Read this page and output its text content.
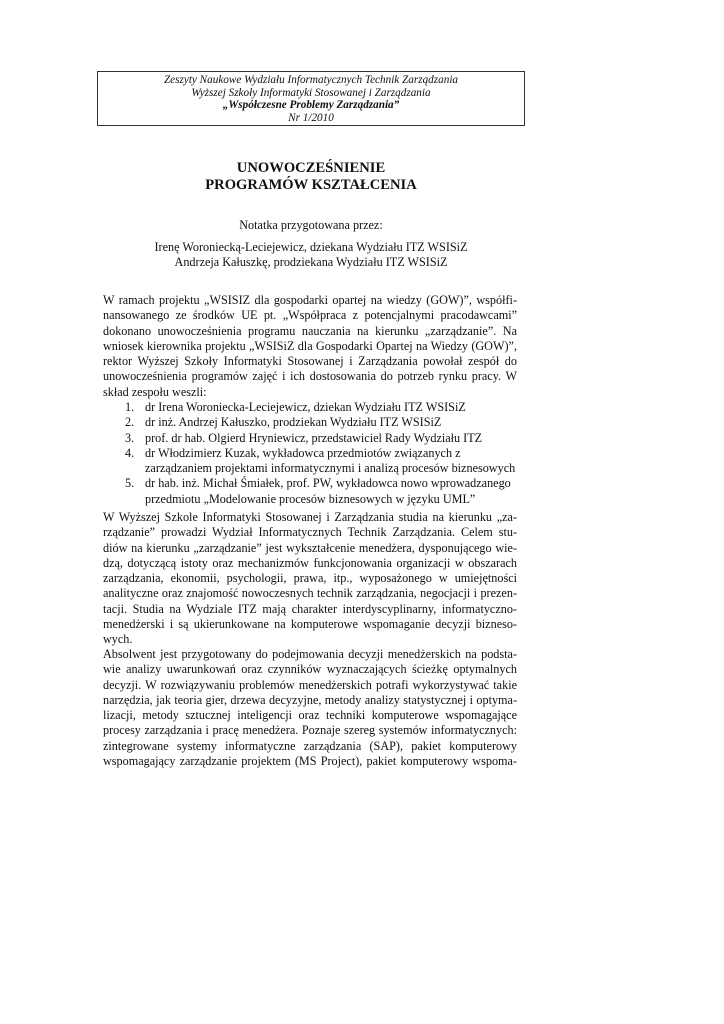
Zeszyty Naukowe Wydziału Informatycznych Technik Zarządzania
Wyższej Szkoły Informatyki Stosowanej i Zarządzania
„Współczesne Problemy Zarządzania”
Nr 1/2010
UNOWOCZEŚNIENIE
PROGRAMÓW KSZTAŁCENIA
Notatka przygotowana przez:
Irenę Woroniecką-Leciejewicz, dziekana Wydziału ITZ WSISiZ
Andrzeja Kałuszkę, prodziekana Wydziału ITZ WSISiZ
W ramach projektu „WSISIZ dla gospodarki opartej na wiedzy (GOW)”, współfi-
nansowanego ze środków UE pt. „Współpraca z potencjalnymi pracodawcami”
dokonano unowocześnienia programu nauczania na kierunku „zarządzanie”. Na
wniosek kierownika projektu „WSISiZ dla Gospodarki Opartej na Wiedzy (GOW)”,
rektor Wyższej Szkoły Informatyki Stosowanej i Zarządzania powołał zespół do
unowocześnienia programów zajęć i ich dostosowania do potrzeb rynku pracy. W
skład zespołu weszli:
1. dr Irena Woroniecka-Leciejewicz, dziekan Wydziału ITZ WSISiZ
2. dr inż. Andrzej Kałuszko, prodziekan Wydziału ITZ WSISiZ
3. prof. dr hab. Olgierd Hryniewicz, przedstawiciel Rady Wydziału ITZ
4. dr Włodzimierz Kuzak, wykładowca przedmiotów związanych z
zarządzaniem projektami informatycznymi i analizą procesów biznesowych
5. dr hab. inż. Michał Śmiałek, prof. PW, wykładowca nowo wprowadzanego
przedmiotu „Modelowanie procesów biznesowych w języku UML”
W Wyższej Szkole Informatyki Stosowanej i Zarządzania studia na kierunku „za-
rządzanie” prowadzi Wydział Informatycznych Technik Zarządzania. Celem stu-
diów na kierunku „zarządzanie” jest wykształcenie menedżera, dysponującego wie-
dzą, dotyczącą istoty oraz mechanizmów funkcjonowania organizacji w obszarach
zarządzania, ekonomii, psychologii, prawa, itp., wyposażonego w umiejętności
analityczne oraz znajomość nowoczesnych technik zarządzania, negocjacji i prezen-
tacji. Studia na Wydziale ITZ mają charakter interdyscyplinarny, informatyczno-
menedżerski i są ukierunkowane na komputerowe wspomaganie decyzji bizneso-
wych.
Absolwent jest przygotowany do podejmowania decyzji menedżerskich na podsta-
wie analizy uwarunkowań oraz czynników wyznaczających ścieżkę optymalnych
decyzji. W rozwiązywaniu problemów menedżerskich potrafi wykorzystywać takie
narzędzia, jak teoria gier, drzewa decyzyjne, metody analizy statystycznej i optyma-
lizacji, metody sztucznej inteligencji oraz techniki komputerowe wspomagające
procesy zarządzania i pracę menedżera. Poznaje szereg systemów informatycznych:
zintegrowane systemy informatyczne zarządzania (SAP), pakiet komputerowy
wspomagający zarządzanie projektem (MS Project), pakiet komputerowy wspoma-
